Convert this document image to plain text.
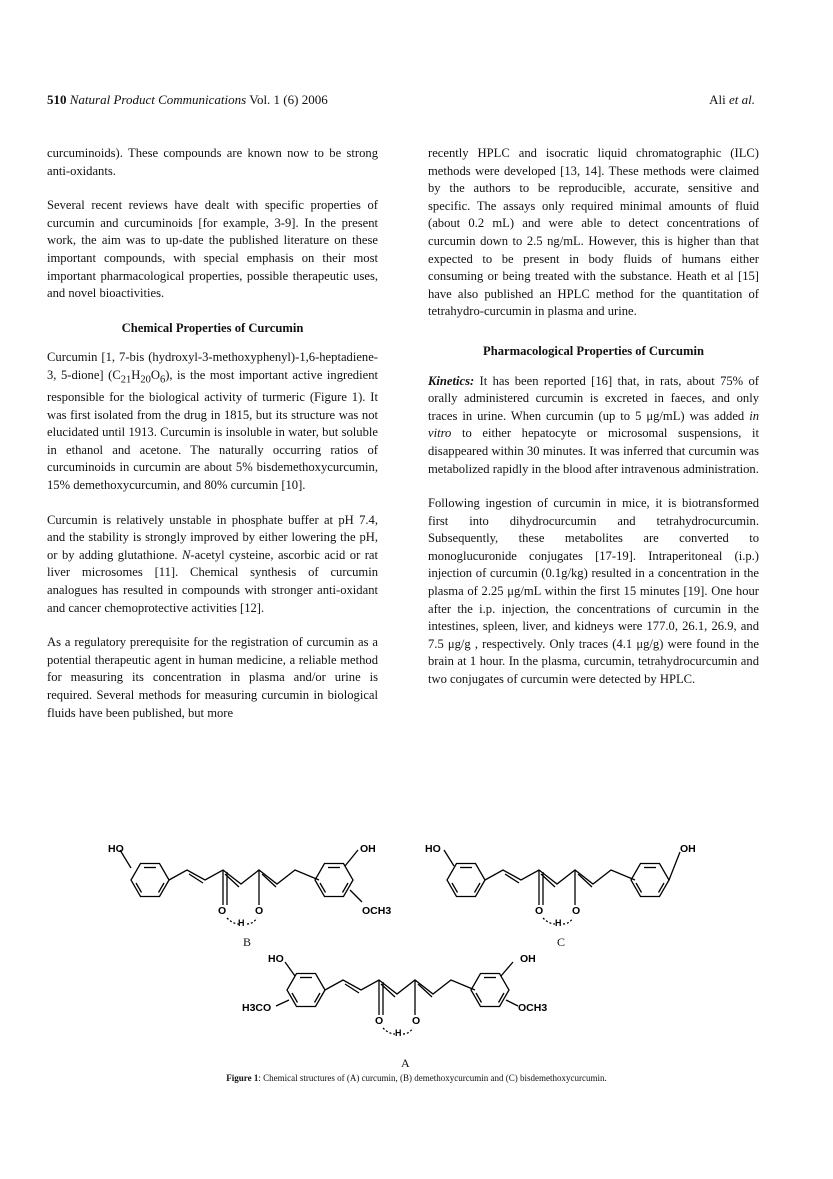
510 Natural Product Communications Vol. 1 (6) 2006	Ali et al.

curcuminoids). These compounds are known now to be strong anti-oxidants.

Several recent reviews have dealt with specific properties of curcumin and curcuminoids [for example, 3-9]. In the present work, the aim was to up-date the published literature on these important compounds, with special emphasis on their most important pharmacological properties, possible therapeutic uses, and novel bioactivities.

Chemical Properties of Curcumin

Curcumin [1, 7-bis (hydroxyl-3-methoxyphenyl)-1,6-heptadiene-3, 5-dione] $(C_{21}H_{20}O_6)$, is the most important active ingredient responsible for the biological activity of turmeric (Figure 1). It was first isolated from the drug in 1815, but its structure was not elucidated until 1913. Curcumin is insoluble in water, but soluble in ethanol and acetone. The naturally occurring ratios of curcuminoids in curcumin are about 5% bisdemethoxycurcumin, 15% demethoxycurcumin, and 80% curcumin [10].

Curcumin is relatively unstable in phosphate buffer at pH 7.4, and the stability is strongly improved by either lowering the pH, or by adding glutathione. N-acetyl cysteine, ascorbic acid or rat liver microsomes [11]. Chemical synthesis of curcumin analogues has resulted in compounds with stronger anti-oxidant and cancer chemoprotective activities [12].

As a regulatory prerequisite for the registration of curcumin as a potential therapeutic agent in human medicine, a reliable method for measuring its concentration in plasma and/or urine is required. Several methods for measuring curcumin in biological fluids have been published, but more

recently HPLC and isocratic liquid chromatographic (ILC) methods were developed [13, 14]. These methods were claimed by the authors to be reproducible, accurate, sensitive and specific. The assays only required minimal amounts of fluid (about 0.2 mL) and were able to detect concentrations of curcumin down to 2.5 ng/mL. However, this is higher than that expected to be present in body fluids of humans either consuming or being treated with the substance. Heath et al [15] have also published an HPLC method for the quantitation of tetrahydro-curcumin in plasma and urine.

Pharmacological Properties of Curcumin

Kinetics: It has been reported [16] that, in rats, about 75% of orally administered curcumin is excreted in faeces, and only traces in urine. When curcumin (up to 5 μg/mL) was added in vitro to either hepatocyte or microsomal suspensions, it disappeared within 30 minutes. It was inferred that curcumin was metabolized rapidly in the blood after intravenous administration.

Following ingestion of curcumin in mice, it is biotransformed first into dihydrocurcumin and tetrahydrocurcumin. Subsequently, these metabolites are converted to monoglucuronide conjugates [17-19]. Intraperitoneal (i.p.) injection of curcumin (0.1g/kg) resulted in a concentration in the plasma of 2.25 μg/mL within the first 15 minutes [19]. One hour after the i.p. injection, the concentrations of curcumin in the intestines, spleen, liver, and kidneys were 177.0, 26.1, 26.9, and 7.5 μg/g , respectively. Only traces (4.1 μg/g) were found in the brain at 1 hour. In the plasma, curcumin, tetrahydrocurcumin and two conjugates of curcumin were detected by HPLC.

HO	OH
OCH3
O	O
H
HO	OH
O	O
H
HO
H3CO
OH
OCH3
O	O
H
B	C
A
Figure 1: Chemical structures of (A) curcumin, (B) demethoxycurcumin and (C) bisdemethoxycurcumin.
